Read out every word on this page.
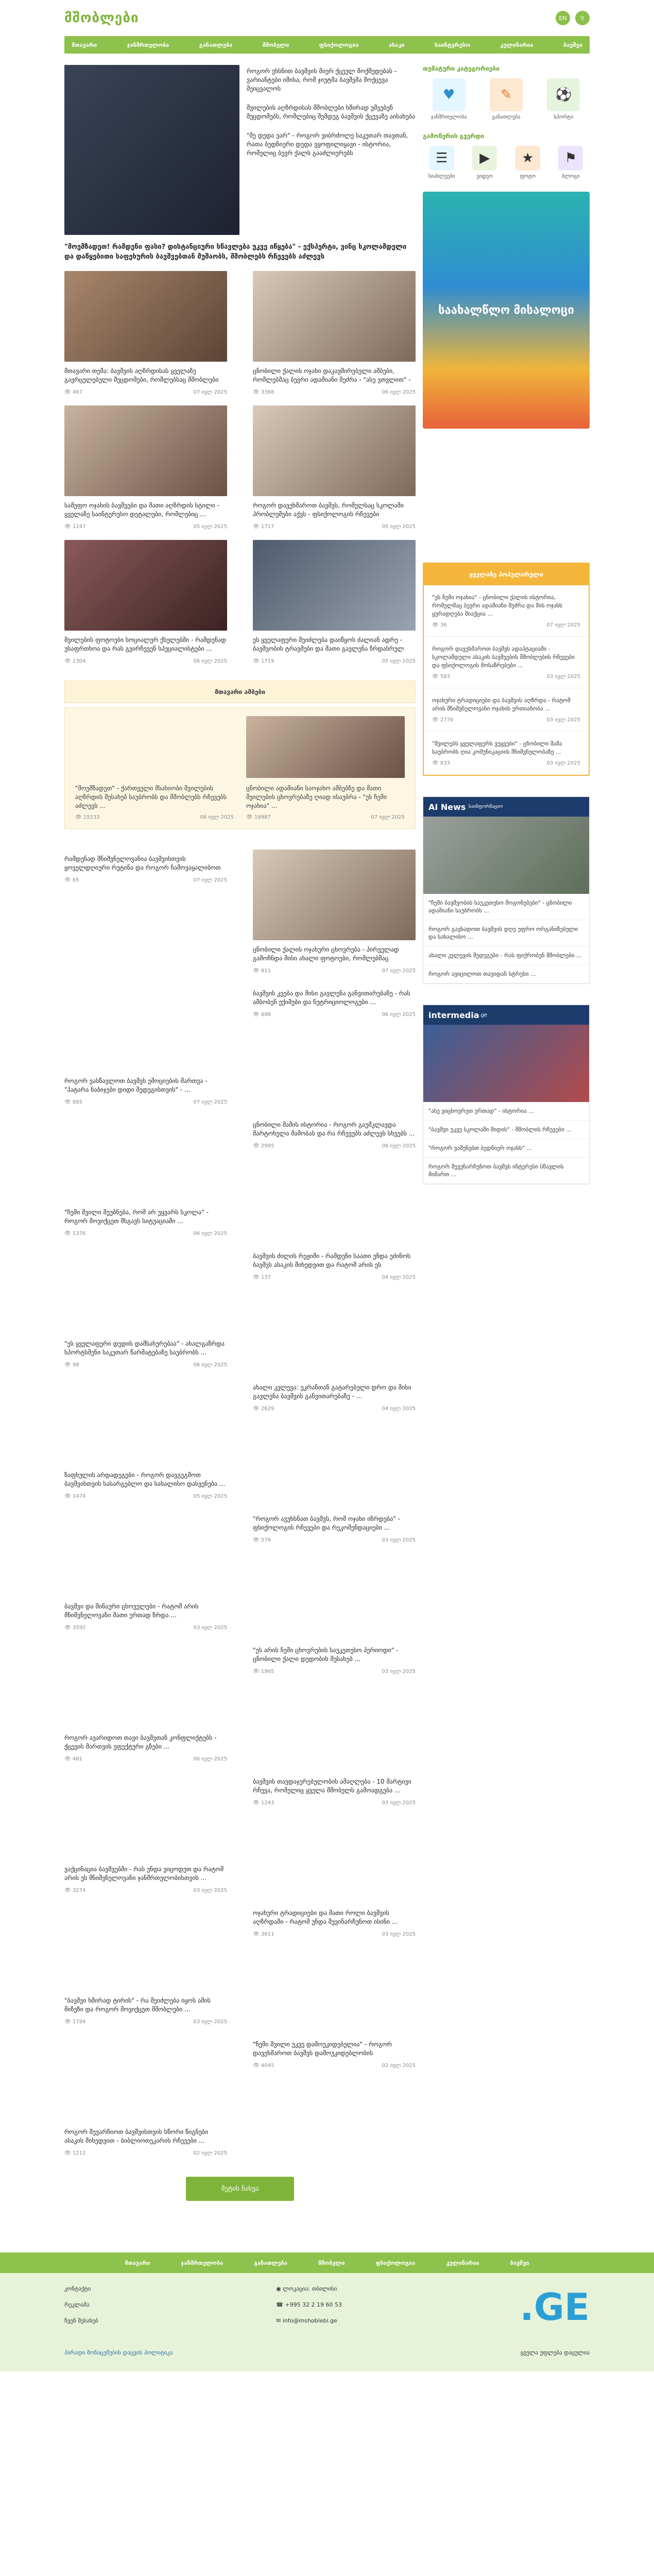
მშობლები	EN	⚲
მთავარი	ჯანმრთელობა	განათლება	მშობელი	ფსიქოლოგია	ასაკი	საინტერესო	კულინარია	ბავშვი

როგორ ვხსნით ბავშვის მიერ ქცეულ მოქმედებას - ვარიანტები იმისა, რომ ჯიუტმა ბავშვმა მოქცევა შეიცვალოს

შვილების აღზრდისას მშობლები ხშირად უშვებენ შეცდომებს, რომლებიც შემდეგ ბავშვის ქცევაზე აისახება

"მე დედა ვარ" - როგორ ვიბრძოლე საკუთარ თავთან, რათა ბედნიერი დედა ვყოფილიყავი - ისტორია, რომელიც ბევრ ქალს გააძლიერებს

"მოემზადეთ! რამდენი ფასი? დისტანციური სწავლება უკვე იწყება" - ექსპერტი, ვინც სკოლამდელი და დაწყებითი საფეხურის ბავშვებთან მუშაობს, მშობლებს რჩევებს აძლევს
მთავარი თემა: ბავშვის აღზრდისას ყველაზე გავრცელებული შეცდომები, რომლებსაც მშობლები
👁 467	07 ივლ 2025
ცნობილი ქალის ოჯახი დაკავშირებული ამბები, რომლებმაც ბევრი ადამიანი შეძრა - "ასე ვთვლით" -
👁 3368	06 ივლ 2025
სამეფო ოჯახის ბავშვები და მათი აღზრდის სტილი - ყველაზე საინტერესო დეტალები, რომლებიც ...
👁 1247	05 ივლ 2025
როგორ დავეხმაროთ ბავშვს, რომელსაც სკოლაში პრობლემები აქვს - ფსიქოლოგის რჩევები
👁 1717	05 ივლ 2025
შვილების ფოტოები სოციალურ ქსელებში - რამდენად უსაფრთხოა და რას გვირჩევენ სპეციალისტები ...
👁 1304	06 ივლ 2025
ეს ყველაფერი შეიძლება დაიწყოს ძალიან ადრე - ბავშვობის ტრავმები და მათი გავლენა ზრდასრულ
👁 1719	05 ივლ 2025
მთავარი ამბები

"მოემზადეთ" - ქართველი მსახიობი შვილების აღზრდის შესახებ საუბრობს და მშობლებს რჩევებს აძლევს ...

👁 15233	06 ივლ 2025

ცნობილი ადამიანი საოჯახო ამბებზე და მათი შვილების ცხოვრებაზე ღიად ისაუბრა - "ეს ჩემი ოჯახია" ...

👁 19987	07 ივლ 2025
რამდენად მნიშვნელოვანია ბავშვისთვის ყოველდღიური რუტინა და როგორ ჩამოვაყალიბოთ
👁 65	07 ივლ 2025
ცნობილი ქალის ოჯახური ცხოვრება - პირველად გამოჩნდა მისი ახალი ფოტოები, რომლებმაც
👁 811	07 ივლ 2025
როგორ ვასწავლოთ ბავშვს ემოციების მართვა - "პატარა ნაბიჯები დიდი შედეგისთვის" - ...
👁 885	07 ივლ 2025
ბავშვის კვება და მისი გავლენა განვითარებაზე - რას ამბობენ ექიმები და ნუტრიციოლოგები ...
👁 698	06 ივლ 2025
"ჩემი შვილი მეუბნება, რომ არ უყვარს სკოლა" - როგორ მოვიქცეთ მსგავს სიტუაციაში ...
👁 1376	06 ივლ 2025
ცნობილი მამის ისტორია - როგორ გაუმკლავდა მარტოხელა მამობას და რა რჩევებს აძლევს სხვებს ...
👁 2995	06 ივლ 2025
"ეს ყველაფერი დედის დამსახურებაა" - ახალგაზრდა სპორტსმენი საკუთარ წარმატებაზე საუბრობს ...
👁 98	06 ივლ 2025
ბავშვის ძილის რეჟიმი - რამდენი საათი უნდა ეძინოს ბავშვს ასაკის მიხედვით და რატომ არის ეს
👁 137	04 ივლ 2025
ზაფხულის არდადეგები - როგორ დავგეგმოთ ბავშვისთვის სასარგებლო და სახალისო დასვენება ...
👁 1474	05 ივლ 2025
ახალი კვლევა: ეკრანთან გატარებული დრო და მისი გავლენა ბავშვის განვითარებაზე - ...
👁 2629	04 ივლ 2025
ბავშვი და შინაური ცხოველები - რატომ არის მნიშვნელოვანი მათი ერთად ზრდა ...
👁 3592	03 ივლ 2025
"როგორ ავუხსნათ ბავშვს, რომ ოჯახი იზრდება" - ფსიქოლოგის რჩევები და რეკომენდაციები ...
👁 576	03 ივლ 2025
როგორ ავარიდოთ თავი ბავშვთან კონფლიქტებს - ქცევის მართვის ეფექტური გზები ...
👁 481	06 ივლ 2025
"ეს არის ჩემი ცხოვრების საუკეთესო პერიოდი" - ცნობილი ქალი დედობის შესახებ ...
👁 1965	03 ივლ 2025
ვაქცინაცია ბავშვებში - რას უნდა ვიცოდეთ და რატომ არის ეს მნიშვნელოვანი ჯანმრთელობისთვის ...
👁 3274	03 ივლ 2025
ბავშვის თავდაჯერებულობის ამაღლება - 10 მარტივი რჩევა, რომელიც ყველა მშობელს გამოადგება ...
👁 1243	03 ივლ 2025
"ბავშვი ხშირად ტირის" - რა შეიძლება იყოს ამის მიზეზი და როგორ მოვიქცეთ მშობლები ...
👁 1794	03 ივლ 2025
ოჯახური ტრადიციები და მათი როლი ბავშვის აღზრდაში - რატომ უნდა შევინარჩუნოთ ისინი ...
👁 3611	03 ივლ 2025
როგორ შევარჩიოთ ბავშვისთვის სწორი წიგნები ასაკის მიხედვით - ბიბლიოთეკარის რჩევები ...
👁 1212	02 ივლ 2025
"ჩემი შვილი უკვე დამოუკიდებელია" - როგორ დავეხმაროთ ბავშვს დამოუკიდებლობის
👁 4045	02 ივლ 2025
მეტის ნახვა
თემატური კატეგორიები
♥
ჯანმრთელობა
✎
განათლება
⚽
სპორტი
გამოწერის გვერდი
☰
სიახლეები
▶
ვიდეო
★
ფოტო
⚑
ბლოგი
საახალწლო მისალოცი
ყველაზე პოპულარული

"ეს ჩემი ოჯახია" - ცნობილი ქალის ისტორია, რომელმაც ბევრი ადამიანი შეძრა და მის ოჯახს ყურადღება მიაქცია ...

👁 36	07 ივლ 2025

როგორ დავეხმაროთ ბავშვს ადაპტაციაში - სკოლამდელი ასაკის ბავშვების მშობლების რჩევები და ფსიქოლოგის მოსაზრებები ...

👁 583	03 ივლ 2025

ოჯახური ტრადიციები და ბავშვის აღზრდა - რატომ არის მნიშვნელოვანი ოჯახის ერთიანობა ...

👁 2776	03 ივლ 2025

"შვილებს ყველაფერს ვუყვები" - ცნობილი მამა საუბრობს ღია კომუნიკაციის მნიშვნელობაზე ...

👁 833	03 ივლ 2025
AI News
საინფორმაციო
"ჩემი ბავშვობის საუკეთესო მოგონებები" - ცნობილი ადამიანი საუბრობს ...
როგორ გავხადოთ ბავშვის დღე უფრო ორგანიზებული და სახალისო ...
ახალი კვლევის შედეგები - რას ფიქრობენ მშობლები ...
როგორ ავიცილოთ თავიდან სტრესი ...
intermedia .ge
"ასე ვიცხოვრეთ ერთად" - ისტორია ...
"ბავშვი უკვე სკოლაში მიდის" - მშობლის რჩევები ...
"როგორ ვაშენებთ ბედნიერ ოჯახს" ...
როგორ შევუნარჩუნოთ ბავშვს ინტერესი სწავლის მიმართ ...
მთავარი	ჯანმრთელობა	განათლება	მშობელი	ფსიქოლოგია	კულინარია	ბავშვი
კონტაქტი
რეკლამა
ჩვენ შესახებ
◉ ლოკაცია: თბილისი
☎ +995 32 2 19 60 53
✉ info@mshoblebi.ge	.GE
პირადი მონაცემების დაცვის პოლიტიკა	ყველა უფლება დაცულია
